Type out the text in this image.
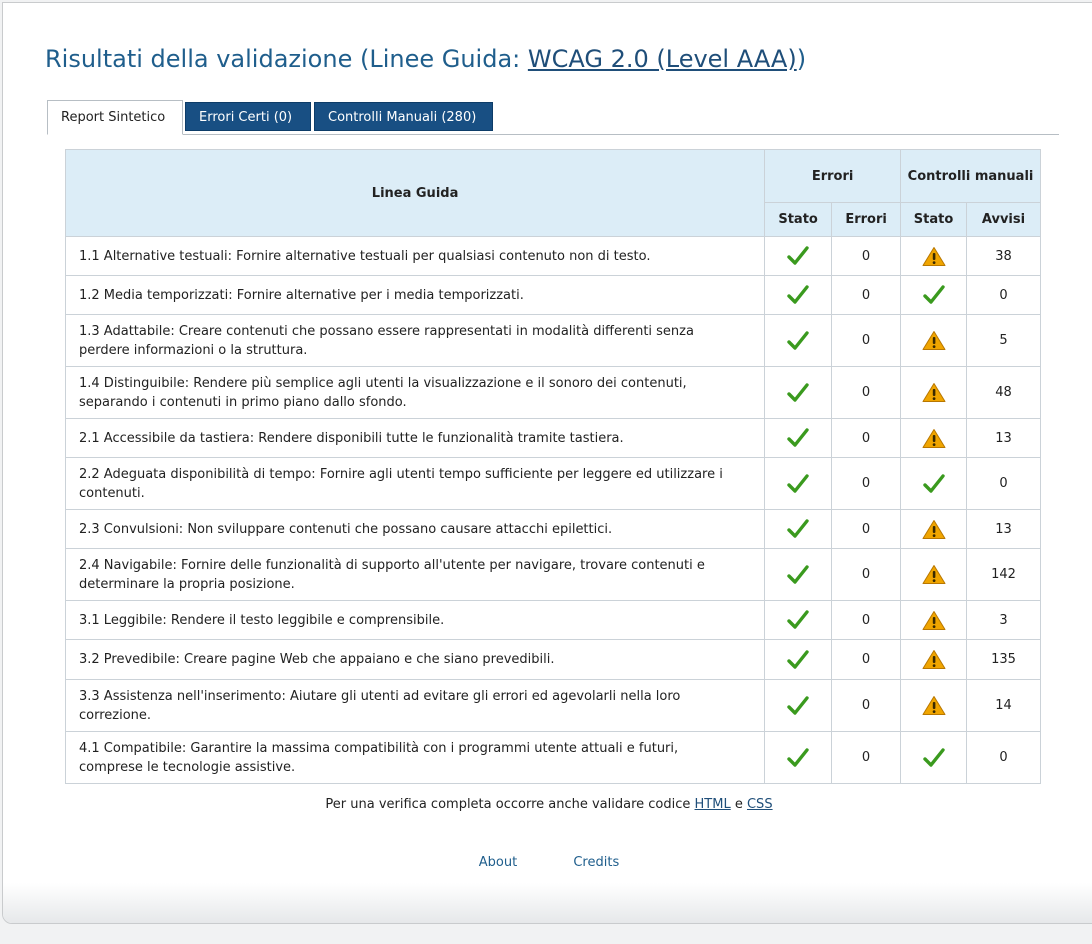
Risultati della validazione (Linee Guida: WCAG 2.0 (Level AAA))
Report Sintetico	Errori Certi (0)	Controlli Manuali (280)
Linea Guida	Errori		Controlli manuali	
	Stato	Errori	Stato	Avvisi
1.1 Alternative testuali: Fornire alternative testuali per qualsiasi contenuto non di testo.		0		38
1.2 Media temporizzati: Fornire alternative per i media temporizzati.		0		0
1.3 Adattabile: Creare contenuti che possano essere rappresentati in modalità differenti senza perdere informazioni o la struttura.		0		5
1.4 Distinguibile: Rendere più semplice agli utenti la visualizzazione e il sonoro dei contenuti, separando i contenuti in primo piano dallo sfondo.		0		48
2.1 Accessibile da tastiera: Rendere disponibili tutte le funzionalità tramite tastiera.		0		13
2.2 Adeguata disponibilità di tempo: Fornire agli utenti tempo sufficiente per leggere ed utilizzare i contenuti.		0		0
2.3 Convulsioni: Non sviluppare contenuti che possano causare attacchi epilettici.		0		13
2.4 Navigabile: Fornire delle funzionalità di supporto all'utente per navigare, trovare contenuti e determinare la propria posizione.		0		142
3.1 Leggibile: Rendere il testo leggibile e comprensibile.		0		3
3.2 Prevedibile: Creare pagine Web che appaiano e che siano prevedibili.		0		135
3.3 Assistenza nell'inserimento: Aiutare gli utenti ad evitare gli errori ed agevolarli nella loro correzione.		0		14
4.1 Compatibile: Garantire la massima compatibilità con i programmi utente attuali e futuri, comprese le tecnologie assistive.		0		0
Per una verifica completa occorre anche validare codice HTML e CSS
About	Credits
